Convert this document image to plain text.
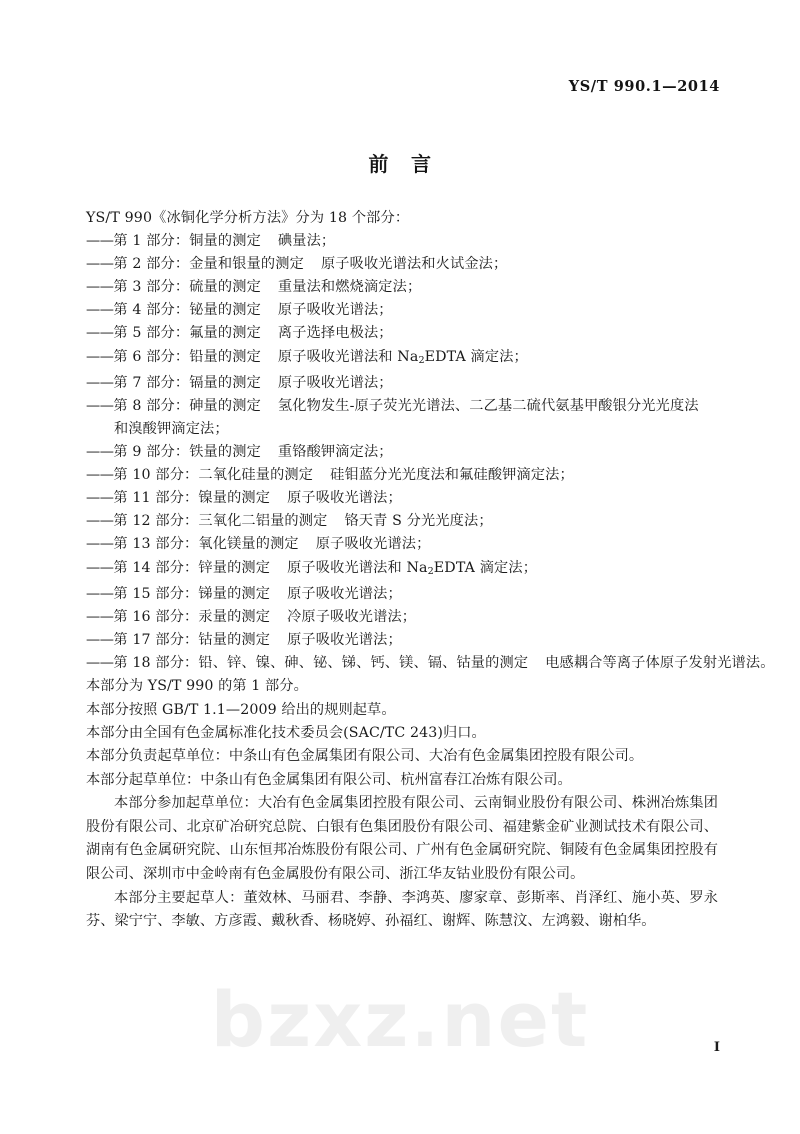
bzxz.net
YS/T 990.1—2014
前 言
YS/T 990《冰铜化学分析方法》分为 18 个部分：
——第 1 部分：铜量的测定 碘量法；
——第 2 部分：金量和银量的测定 原子吸收光谱法和火试金法；
——第 3 部分：硫量的测定 重量法和燃烧滴定法；
——第 4 部分：铋量的测定 原子吸收光谱法；
——第 5 部分：氟量的测定 离子选择电极法；
——第 6 部分：铅量的测定 原子吸收光谱法和 $Na_2EDTA$ 滴定法；
——第 7 部分：镉量的测定 原子吸收光谱法；
——第 8 部分：砷量的测定 氢化物发生-原子荧光光谱法、二乙基二硫代氨基甲酸银分光光度法
和溴酸钾滴定法；
——第 9 部分：铁量的测定 重铬酸钾滴定法；
——第 10 部分：二氧化硅量的测定 硅钼蓝分光光度法和氟硅酸钾滴定法；
——第 11 部分：镍量的测定 原子吸收光谱法；
——第 12 部分：三氧化二铝量的测定 铬天青 S 分光光度法；
——第 13 部分：氧化镁量的测定 原子吸收光谱法；
——第 14 部分：锌量的测定 原子吸收光谱法和 $Na_2EDTA$ 滴定法；
——第 15 部分：锑量的测定 原子吸收光谱法；
——第 16 部分：汞量的测定 冷原子吸收光谱法；
——第 17 部分：钴量的测定 原子吸收光谱法；
——第 18 部分：铅、锌、镍、砷、铋、锑、钙、镁、镉、钴量的测定 电感耦合等离子体原子发射光谱法。
本部分为 YS/T 990 的第 1 部分。
本部分按照 GB/T 1.1—2009 给出的规则起草。
本部分由全国有色金属标准化技术委员会(SAC/TC 243)归口。
本部分负责起草单位：中条山有色金属集团有限公司、大冶有色金属集团控股有限公司。
本部分起草单位：中条山有色金属集团有限公司、杭州富春江冶炼有限公司。
本部分参加起草单位：大冶有色金属集团控股有限公司、云南铜业股份有限公司、株洲冶炼集团股份有限公司、北京矿冶研究总院、白银有色集团股份有限公司、福建紫金矿业测试技术有限公司、湖南有色金属研究院、山东恒邦冶炼股份有限公司、广州有色金属研究院、铜陵有色金属集团控股有限公司、深圳市中金岭南有色金属股份有限公司、浙江华友钴业股份有限公司。
本部分主要起草人：董效林、马丽君、李静、李鸿英、廖家章、彭斯率、肖泽红、施小英、罗永芬、梁宁宁、李敏、方彦霞、戴秋香、杨晓婷、孙福红、谢辉、陈慧汶、左鸿毅、谢柏华。
I
